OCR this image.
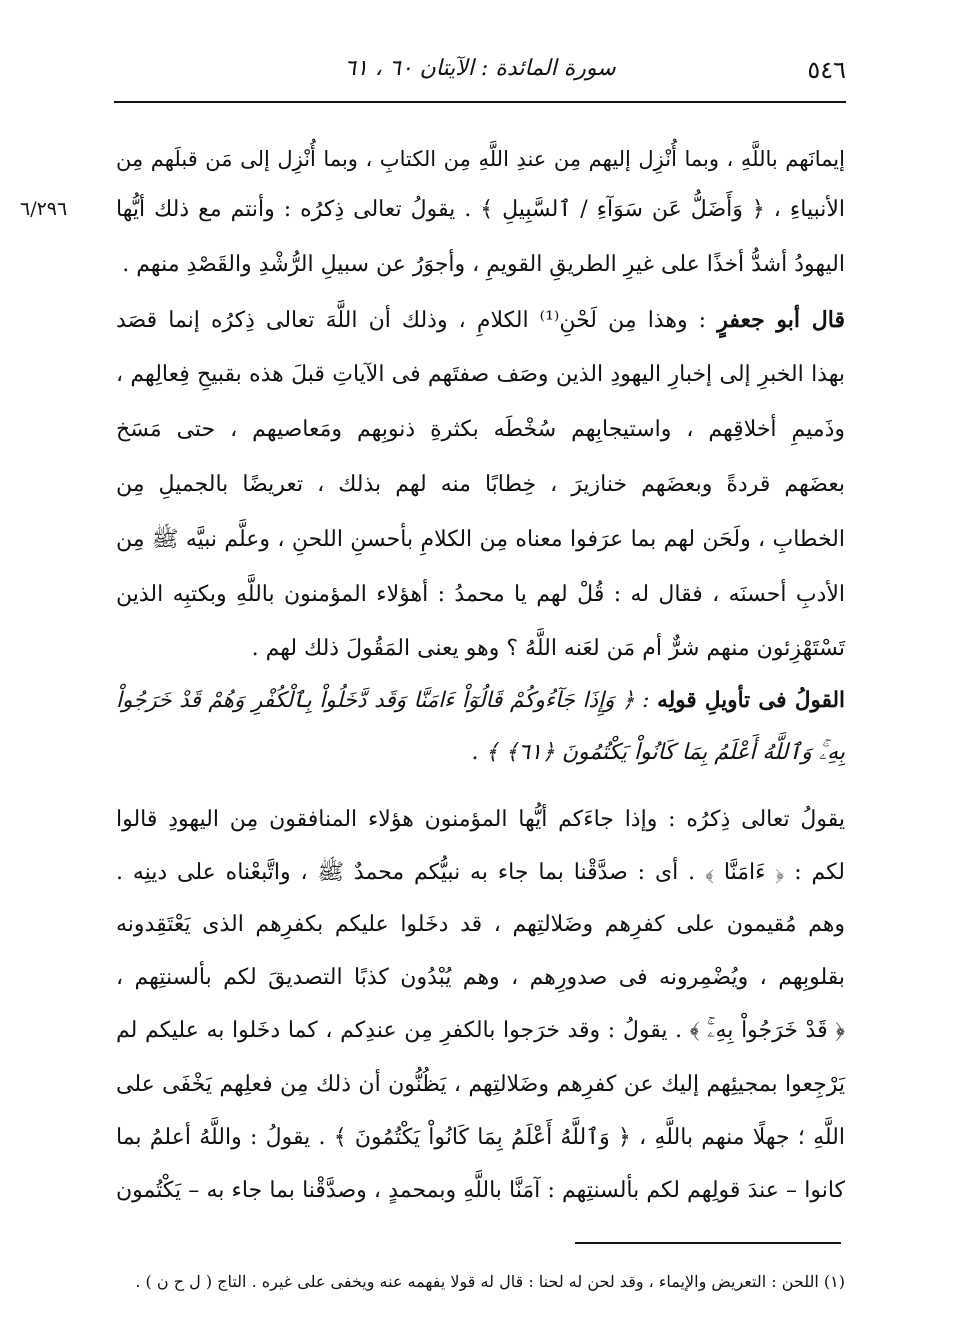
٥٤٦
سورة المائدة : الآيتان ٦٠ ، ٦١
٦/٢٩٦
إيمانَهم باللَّهِ ، وبما أُنْزِل إليهم مِن عندِ اللَّهِ مِن الكتابِ ، وبما أُنْزِل إلى مَن قبلَهم مِن
الأنبياءِ ، ﴿ وَأَضَلُّ عَن سَوَآءِ / ٱلسَّبِيلِ ﴾ . يقولُ تعالى ذِكرُه : وأنتم مع ذلك أيُّها
اليهودُ أشدُّ أخذًا على غيرِ الطريقِ القويمِ ، وأجوَرُ عن سبيلِ الرُّشْدِ والقَصْدِ منهم .
قال أبو جعفرٍ : وهذا مِن لَحْنِ⁽¹⁾ الكلامِ ، وذلك أن اللَّهَ تعالى ذِكرُه إنما قصَد
بهذا الخبرِ إلى إخبارِ اليهودِ الذين وصَف صفتَهم فى الآياتِ قبلَ هذه بقبيحِ فِعالِهم ،
وذَميمِ أخلاقِهم ، واستيجابِهم سُخْطَه بكثرةِ ذنوبِهم ومَعاصيهم ، حتى مَسَخ
بعضَهم قردةً وبعضَهم خنازيرَ ، خِطابًا منه لهم بذلك ، تعريضًا بالجميلِ مِن
الخطابِ ، ولَحَن لهم بما عرَفوا معناه مِن الكلامِ بأحسنِ اللحنِ ، وعلَّم نبيَّه ﷺ مِن
الأدبِ أحسنَه ، فقال له : قُلْ لهم يا محمدُ : أهؤلاء المؤمنون باللَّهِ وبكتبِه الذين
تَسْتَهْزِئون منهم شرٌّ أم مَن لعَنه اللَّهُ ؟ وهو يعنى المَقُولَ ذلك لهم .
القولُ فى تأويلِ قولِه : ﴿ وَإِذَا جَآءُوكُمْ قَالُوٓاْ ءَامَنَّا وَقَد دَّخَلُواْ بِٱلْكُفْرِ وَهُمْ قَدْ خَرَجُواْ
بِهِۦۚ وَٱللَّهُ أَعْلَمُ بِمَا كَانُواْ يَكْتُمُونَ ﴿٦١﴾ ﴾ .
يقولُ تعالى ذِكرُه : وإذا جاءَكم أيُّها المؤمنون هؤلاء المنافقون مِن اليهودِ قالوا
لكم : ﴿ ءَامَنَّا ﴾ . أى : صدَّقْنا بما جاء به نبيُّكم محمدٌ ﷺ ، واتَّبعْناه على دينِه .
وهم مُقيمون على كفرِهم وضَلالتِهم ، قد دخَلوا عليكم بكفرِهم الذى يَعْتَقِدونه
بقلوبِهم ، ويُضْمِرونه فى صدورِهم ، وهم يُبْدُون كذبًا التصديقَ لكم بألسنتِهم ،
﴿ قَدْ خَرَجُواْ بِهِۦۚ ﴾ . يقولُ : وقد خرَجوا بالكفرِ مِن عندِكم ، كما دخَلوا به عليكم لم
يَرْجِعوا بمجيئِهم إليك عن كفرِهم وضَلالتِهم ، يَظُنُّون أن ذلك مِن فعلِهم يَخْفَى على
اللَّهِ ؛ جهلًا منهم باللَّهِ ، ﴿ وَٱللَّهُ أَعْلَمُ بِمَا كَانُواْ يَكْتُمُونَ ﴾ . يقولُ : واللَّهُ أعلمُ بما
كانوا – عندَ قولِهم لكم بألسنتِهم : آمَنَّا باللَّهِ وبمحمدٍ ، وصدَّقْنا بما جاء به – يَكْتُمون
(١) اللحن : التعريض والإيماء ، وقد لحن له لحنا : قال له قولا يفهمه عنه ويخفى على غيره . التاج ( ل ح ن ) .
